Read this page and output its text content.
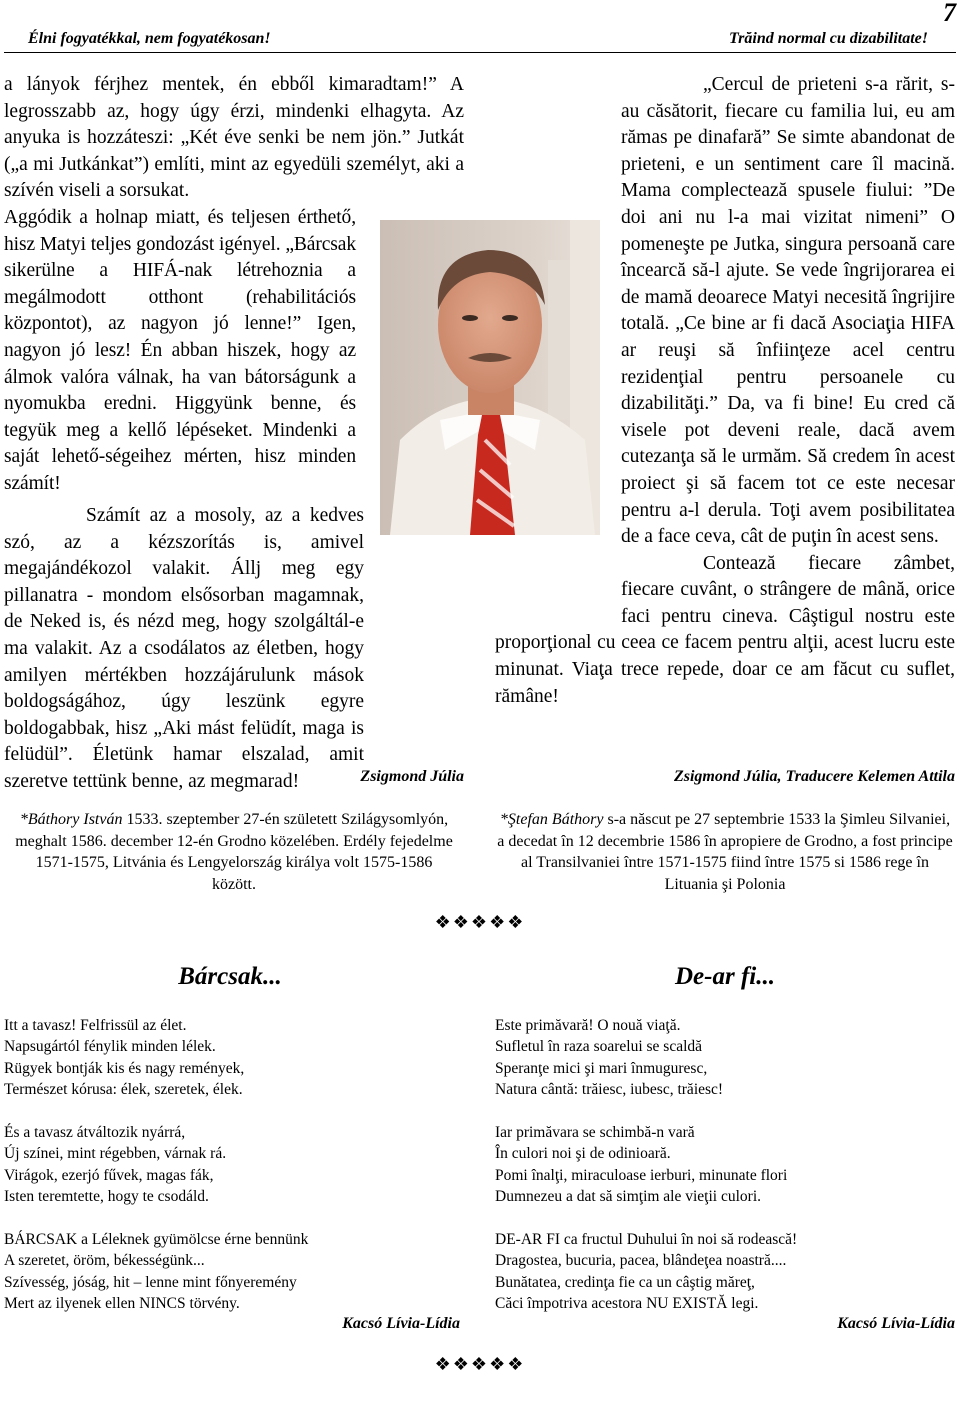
Élni fogyatékkal, nem fogyatékosan!	Trăind normal cu dizabilitate!
7

a lányok férjhez mentek, én ebből kimaradtam!” A legrosszabb az, hogy úgy érzi, mindenki elhagyta. Az anyuka is hozzáteszi: „Két éve senki be nem jön.” Jutkát („a mi Jutkánkat”) említi, mint az egyedüli személyt, aki a szívén viseli a sorsukat.

Aggódik a holnap miatt, és teljesen érthető, hisz Matyi teljes gondozást igényel. „Bárcsak sikerülne a HIFÁ-nak létrehoznia a megálmodott otthont (rehabilitációs központot), az nagyon jó lenne!” Igen, nagyon jó lesz! Én abban hiszek, hogy az álmok valóra válnak, ha van bátorságunk a nyomukba eredni. Higgyünk benne, és tegyük meg a kellő lépéseket. Mindenki a saját lehető-ségeihez mérten, hisz minden számít!

Számít az a mosoly, az a kedves szó, az a kézszorítás is, amivel megajándékozol valakit. Állj meg egy pillanatra - mondom elsősorban magamnak, de Neked is, és nézd meg, hogy szolgáltál-e ma valakit. Az a csodálatos az életben, hogy amilyen mértékben hozzájárulunk mások boldogságához, úgy leszünk egyre boldogabbak, hisz „Aki mást felüdít, maga is felüdül”. Életünk hamar elszalad, amit szeretve tettünk benne, az megmarad!	Zsigmond Júlia

„Cercul de prieteni s-a rărit, s-au căsătorit, fiecare cu familia lui, eu am rămas pe dinafară” Se simte abandonat de prieteni, e un sentiment care îl macină. Mama complectează spusele fiului: ”De doi ani nu l-a mai vizitat nimeni” O pomeneşte pe Jutka, singura persoană care încearcă să-l ajute. Se vede îngrijorarea ei de mamă deoarece Matyi necesită îngrijire totală. „Ce bine ar fi dacă Asociaţia HIFA ar reuşi să înfiinţeze acel centru rezidenţial pentru persoanele cu dizabilităţi.” Da, va fi bine! Eu cred că visele pot deveni reale, dacă avem cutezanţa să le urmăm. Să credem în acest proiect şi să facem tot ce este necesar pentru a-l derula. Toţi avem posibilitatea de a face ceva, cât de puţin în acest sens.

Contează fiecare zâmbet, fiecare cuvânt, o strângere de mână, orice faci pentru cineva. Câştigul nostru este proporţional cu ceea ce facem pentru alţii, acest lucru este minunat. Viaţa trece repede, doar ce am făcut cu suflet, rămâne!

Zsigmond Júlia, Traducere Kelemen Attila
*Báthory István 1533. szeptember 27-én született Szilágysomlyón, meghalt 1586. december 12-én Grodno közelében. Erdély fejedelme 1571-1575, Litvánia és Lengyelország királya volt 1575-1586 között.
*Ştefan Báthory s-a născut pe 27 septembrie 1533 la Şimleu Silvaniei, a decedat în 12 decembrie 1586 în apropiere de Grodno, a fost principe al Transilvaniei între 1571-1575 fiind între 1575 si 1586 rege în Lituania şi Polonia
❖❖❖❖❖
Bárcsak...	De-ar fi...
Itt a tavasz! Felfrissül az élet.
Napsugártól fénylik minden lélek.
Rügyek bontják kis és nagy remények,
Természet kórusa: élek, szeretek, élek.
És a tavasz átváltozik nyárrá,
Új színei, mint régebben, várnak rá.
Virágok, ezerjó fűvek, magas fák,
Isten teremtette, hogy te csodáld.
BÁRCSAK a Léleknek gyümölcse érne bennünk
A szeretet, öröm, békességünk...
Szívesség, jóság, hit – lenne mint főnyeremény
Mert az ilyenek ellen NINCS törvény.
Este primăvară! O nouă viaţă.
Sufletul în raza soarelui se scaldă
Speranţe mici şi mari înmuguresc,
Natura cântă: trăiesc, iubesc, trăiesc!
Iar primăvara se schimbă-n vară
În culori noi şi de odinioară.
Pomi înalţi, miraculoase ierburi, minunate flori
Dumnezeu a dat să simţim ale vieţii culori.
DE-AR FI ca fructul Duhului în noi să rodească!
Dragostea, bucuria, pacea, blândeţea noastră....
Bunătatea, credinţa fie ca un câştig măreţ,
Căci împotriva acestora NU EXISTĂ legi.
Kacsó Lívia-Lídia	Kacsó Lívia-Lídia
❖❖❖❖❖
